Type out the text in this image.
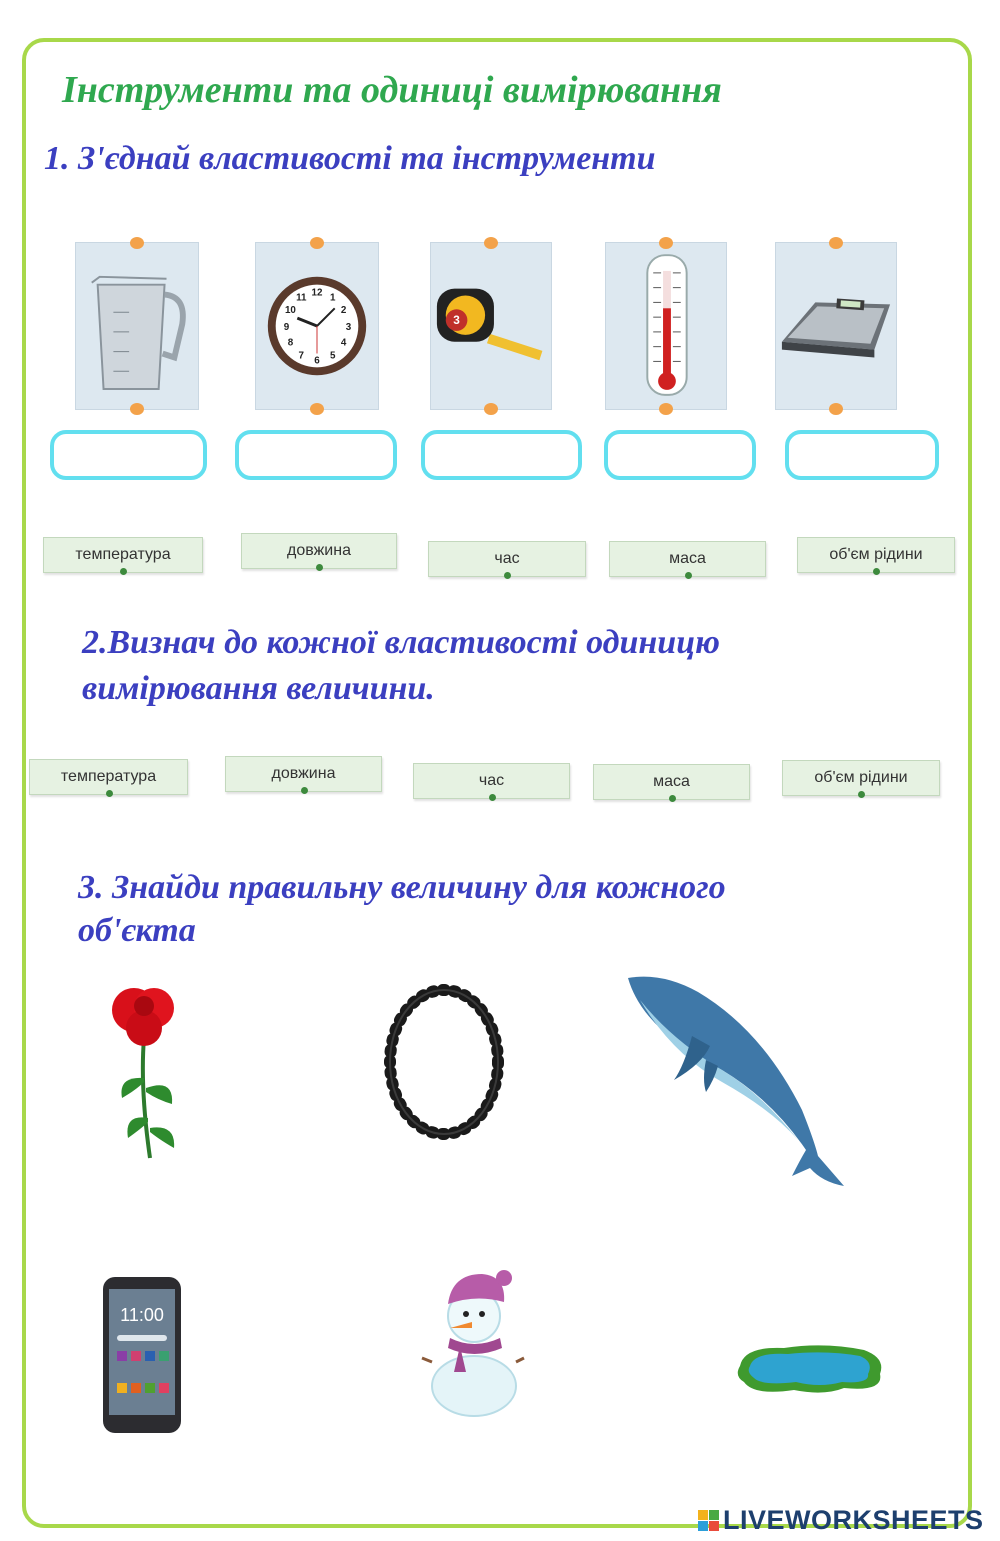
Інструменти та одиниці вимірювання
1. З'єднай властивості та інструменти
12 1
2
3
4
5
6
7
8
9
10
11
3
температура	довжина	час	маса	об'єм рідини
2.Визнач до кожної властивості одиницю
вимірювання величини.
температура	довжина	час	маса	об'єм рідини
3. Знайди правильну величину для кожного
об'єкта
11:00
LIVEWORKSHEETS
